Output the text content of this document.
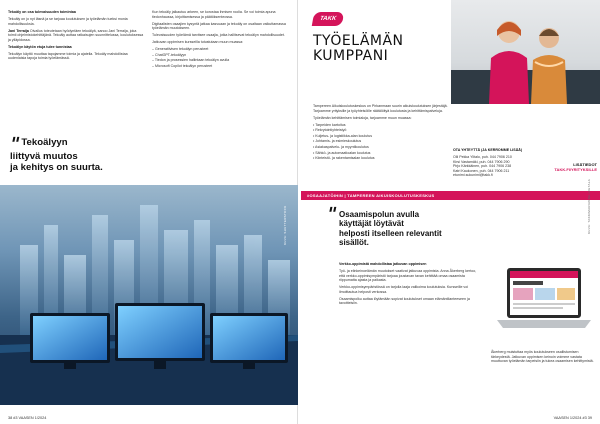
Tekoäly on osa tulevaisuuden toimintaa

Tekoäly on jo nyt läsnä ja se tarjoaa koulutuksen ja työelämän tueksi monia mahdollisuuksia.

Jani Terraija Oivallus toteutetaan hyödyntäen tekoälyä, sanoo Jani Terraija, joka toimii ohjelmistokehittäjänä. Tekoäly auttaa ratkaisujen suunnittelussa, koulutuksessa ja ylläpidossa.

Tekoälyn käytön etuja tulee tunnistaa

Tekoälyn käyttö muuttaa tapojamme toimia ja ajatella. Tekoäly mahdollistaa uudenlaisia tapoja toimia työelämässä.

Kun tekoäly jalkautuu arkeen, se korostaa ihmisen roolia. Se voi toimia apuna tiedonhaussa, kirjoittamisessa ja päätöksenteossa.

Digitaalisten osaajien kysyntä jatkaa kasvuaan ja tekoäly on osaltaan vaikuttamassa työelämän muutokseen.

Tulevaisuuden työelämä tarvitsee osaajia, jotka hallitsevat tekoälyn mahdollisuudet.

Jatkuvan oppimisen kursseilla tutustutaan muun muassa:

– Generatiivisen tekoälyn perusteet
– ChatGPT-tekoälyyn
– Tiedon ja prosessien hallintaan tekoälyn avulla
– Microsoft Copilot tekoälyn perusteet
"Tekoälyyn
liittyvä muutos
ja kehitys on suurta.
KUVA: SHUTTERSTOCK
38 #3 VAASEN 1/2024
TAKK
TYÖELÄMÄN
KUMPPANI

Tampereen Aikuiskoulutuskeskus on Pirkanmaan suurin aikuiskoulutuksen järjestäjä. Tarjoamme yrityksille ja työyhteisöille räätälöityä koulutusta ja kehittämispalveluja.

Työelämän kehittämisen toimialoja, tarjoamme muun muassa:

• Tarpeiden kartoitus
• Rekrytointiyhteistyö
• Kuljetus- ja logistiikka-alan koulutus
• Johtamis- ja esimieskoulutus
• Asiakaspalvelu- ja myyntikoulutus
• Sähkö- ja automaatioalan koulutus
• Kiinteistö- ja rakentamisalan koulutus

OTA YHTEYTTÄ (JA KERROMME LISÄÄ)

Olli Pekka Ylitalo, puh. 044 7906 210
Kirsi Vastamäki, puh. 044 7906 290
Pirjo Kärkkäinen, puh. 044 7906 238
Katri Kaukonen, puh. 044 7906 211
etunimi.sukunimi@takk.fi
LISÄTIEDOT
TAKK.FI/YRITYKSILLE
#OSAAJATÖIHIN | TAMPEREEN AIKUISKOULUTUSKESKUS
" Osaamispolun avulla
käyttäjät löytävät
helposti itselleen relevantit
sisällöt.

Verkko-oppimistä mahdollistaa jatkuvan oppimisen

Työ- ja elinkeinoelämän muutokset vaativat jatkuvaa oppimista. Anna Åkerberg kertoo, että verkko-oppimisympäristö tarjoaa joustavan tavan kehittää omaa osaamista riippumatta ajasta ja paikasta.

Verkko-oppimisympäristössä on tarjolla laaja valikoima koulutuksia. Kursseille voi ilmoittautua helposti verkossa.

Osaamispolku auttaa löytämään sopivat koulutukset omaan elämäntilanteeseen ja tavoitteisiin.

KUVA: TAKK/MARIANNE HIETALA

Åkerberg muistuttaa myös koulutukseen osallistumisen tärkeydestä. Jatkuvan oppimisen keinoin voimme vastata muuttuvan työelämän tarpeisiin ja tukea osaamisen kehittymistä.

VAASEN 1/2024 #3 39
